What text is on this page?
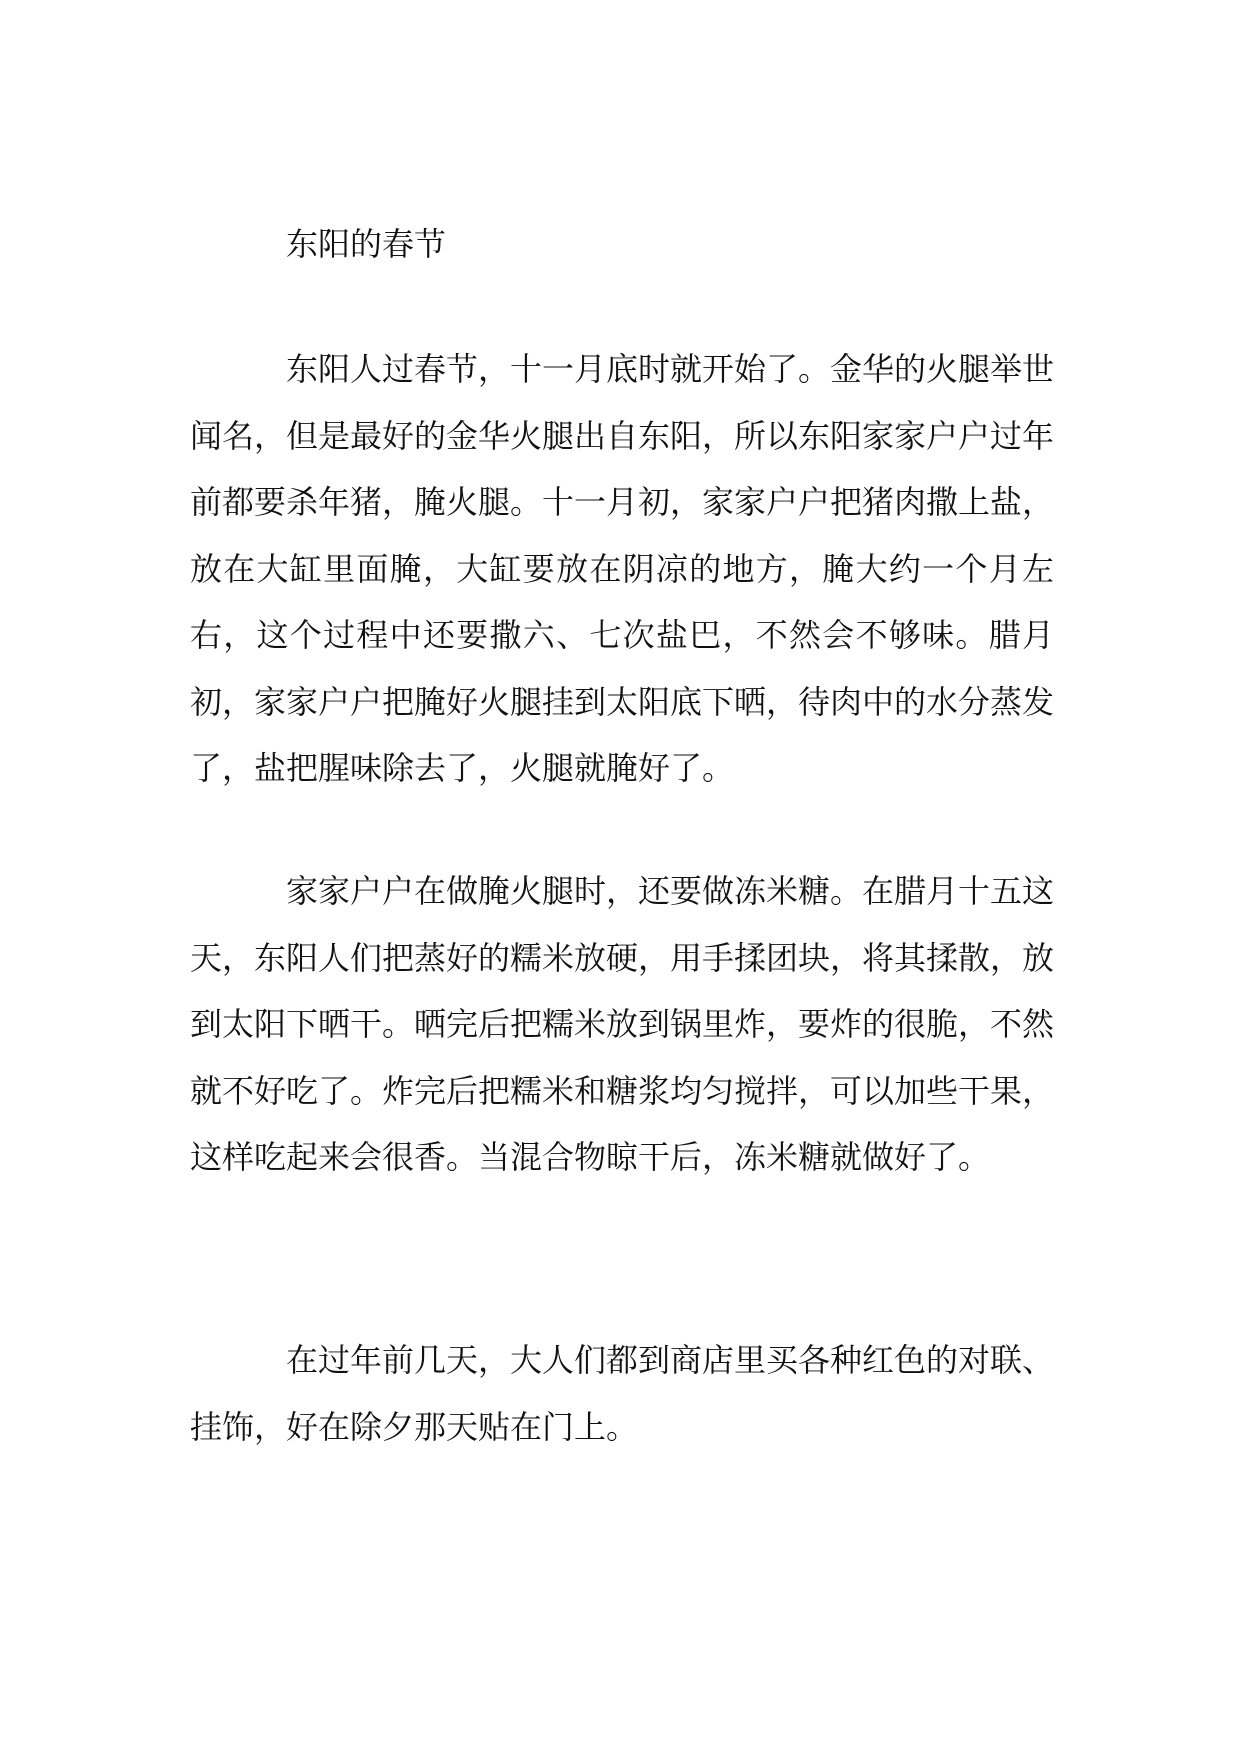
东阳的春节

东阳人过春节，十一月底时就开始了。金华的火腿举世闻名，但是最好的金华火腿出自东阳，所以东阳家家户户过年前都要杀年猪，腌火腿。十一月初，家家户户把猪肉撒上盐，放在大缸里面腌，大缸要放在阴凉的地方，腌大约一个月左右，这个过程中还要撒六、七次盐巴，不然会不够味。腊月初，家家户户把腌好火腿挂到太阳底下晒，待肉中的水分蒸发了，盐把腥味除去了，火腿就腌好了。

家家户户在做腌火腿时，还要做冻米糖。在腊月十五这天，东阳人们把蒸好的糯米放硬，用手揉团块，将其揉散，放到太阳下晒干。晒完后把糯米放到锅里炸，要炸的很脆，不然就不好吃了。炸完后把糯米和糖浆均匀搅拌，可以加些干果，这样吃起来会很香。当混合物晾干后，冻米糖就做好了。

在过年前几天，大人们都到商店里买各种红色的对联、挂饰，好在除夕那天贴在门上。
